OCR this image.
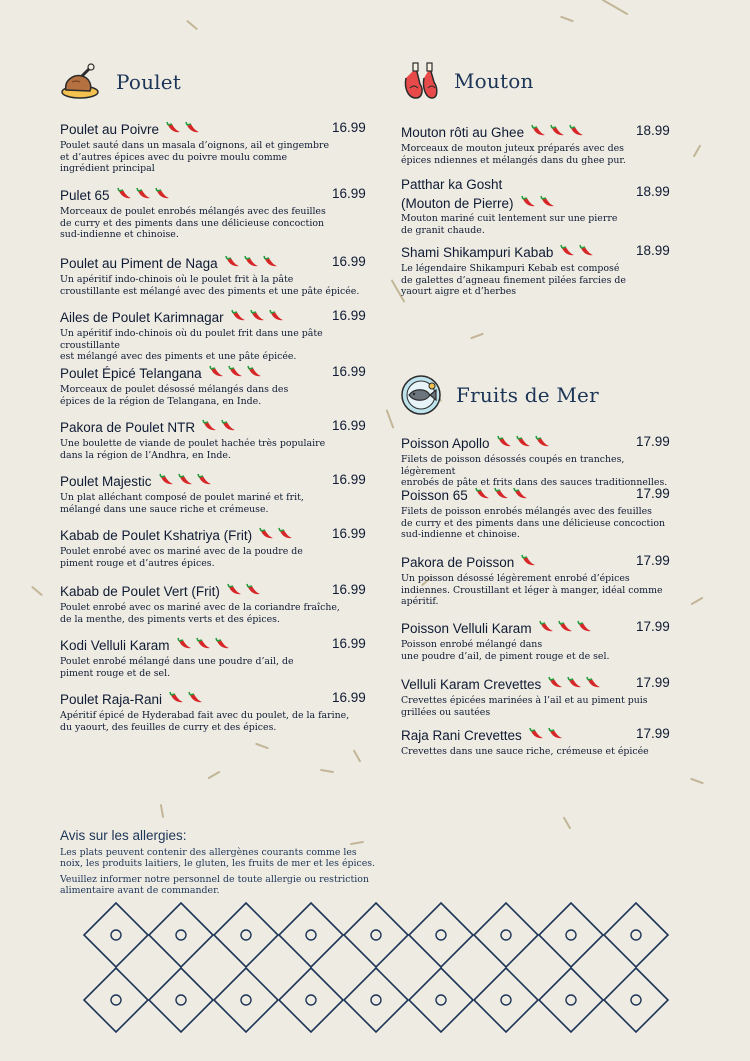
Poulet
Poulet au Poivre	16.99
Poulet sauté dans un masala d’oignons, ail et gingembre
et d’autres épices avec du poivre moulu comme
ingrédient principal
Pulet 65	16.99
Morceaux de poulet enrobés mélangés avec des feuilles
de curry et des piments dans une délicieuse concoction
sud-indienne et chinoise.
Poulet au Piment de Naga	16.99
Un apéritif indo-chinois où le poulet frit à la pâte
croustillante est mélangé avec des piments et une pâte épicée.
Ailes de Poulet Karimnagar	16.99
Un apéritif indo-chinois où du poulet frit dans une pâte croustillante
est mélangé avec des piments et une pâte épicée.
Poulet Épicé Telangana	16.99
Morceaux de poulet désossé mélangés dans des
épices de la région de Telangana, en Inde.
Pakora de Poulet NTR	16.99
Une boulette de viande de poulet hachée très populaire
dans la région de l’Andhra, en Inde.
Poulet Majestic	16.99
Un plat alléchant composé de poulet mariné et frit,
mélangé dans une sauce riche et crémeuse.
Kabab de Poulet Kshatriya (Frit)	16.99
Poulet enrobé avec os mariné avec de la poudre de
piment rouge et d’autres épices.
Kabab de Poulet Vert (Frit)	16.99
Poulet enrobé avec os mariné avec de la coriandre fraîche,
de la menthe, des piments verts et des épices.
Kodi Velluli Karam	16.99
Poulet enrobé mélangé dans une poudre d’ail, de
piment rouge et de sel.
Poulet Raja-Rani	16.99
Apéritif épicé de Hyderabad fait avec du poulet, de la farine,
du yaourt, des feuilles de curry et des épices.
Mouton
Mouton rôti au Ghee	18.99
Morceaux de mouton juteux préparés avec des
épices ndiennes et mélangés dans du ghee pur.
Patthar ka Gosht
(Mouton de Pierre)
18.99
Mouton mariné cuit lentement sur une pierre
de granit chaude.
Shami Shikampuri Kabab	18.99
Le légendaire Shikampuri Kebab est composé
de galettes d’agneau finement pilées farcies de
yaourt aigre et d’herbes
Fruits de Mer
Poisson Apollo	17.99
Filets de poisson désossés coupés en tranches, légèrement
enrobés de pâte et frits dans des sauces traditionnelles.
Poisson 65	17.99
Filets de poisson enrobés mélangés avec des feuilles
de curry et des piments dans une délicieuse concoction
sud-indienne et chinoise.
Pakora de Poisson	17.99
Un poisson désossé légèrement enrobé d’épices
indiennes. Croustillant et léger à manger, idéal comme
apéritif.
Poisson Velluli Karam	17.99
Poisson enrobé mélangé dans
une poudre d’ail, de piment rouge et de sel.
Velluli Karam Crevettes	17.99
Crevettes épicées marinées à l’ail et au piment puis
grillées ou sautées
Raja Rani Crevettes	17.99
Crevettes dans une sauce riche, crémeuse et épicée
Avis sur les allergies:
Les plats peuvent contenir des allergènes courants comme les
noix, les produits laitiers, le gluten, les fruits de mer et les épices.
Veuillez informer notre personnel de toute allergie ou restriction
alimentaire avant de commander.
